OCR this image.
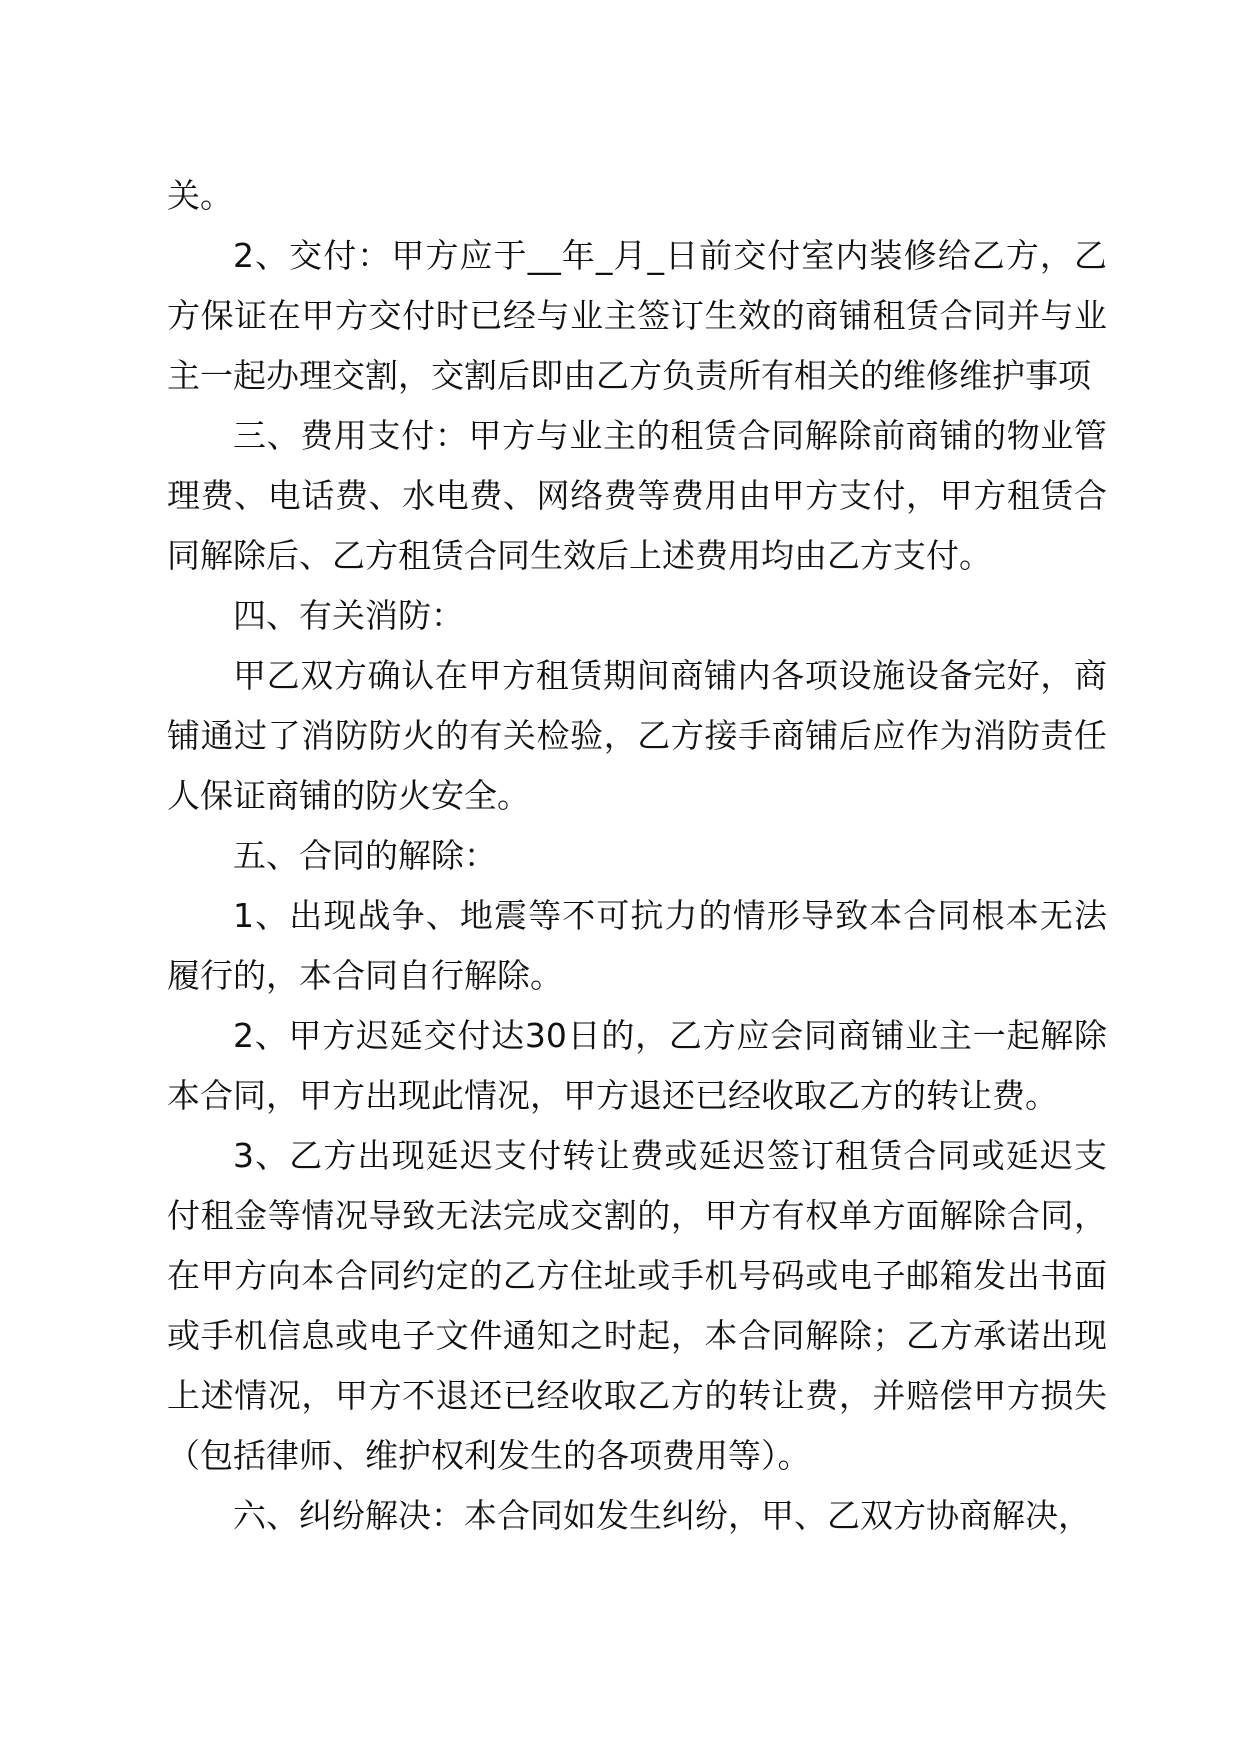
关。

2、交付：甲方应于__年_月_日前交付室内装修给乙方，乙方保证在甲方交付时已经与业主签订生效的商铺租赁合同并与业主一起办理交割，交割后即由乙方负责所有相关的维修维护事项

三、费用支付：甲方与业主的租赁合同解除前商铺的物业管理费、电话费、水电费、网络费等费用由甲方支付，甲方租赁合同解除后、乙方租赁合同生效后上述费用均由乙方支付。

四、有关消防：

甲乙双方确认在甲方租赁期间商铺内各项设施设备完好，商铺通过了消防防火的有关检验，乙方接手商铺后应作为消防责任人保证商铺的防火安全。

五、合同的解除：

1、出现战争、地震等不可抗力的情形导致本合同根本无法履行的，本合同自行解除。

2、甲方迟延交付达30日的，乙方应会同商铺业主一起解除本合同，甲方出现此情况，甲方退还已经收取乙方的转让费。

3、乙方出现延迟支付转让费或延迟签订租赁合同或延迟支付租金等情况导致无法完成交割的，甲方有权单方面解除合同，在甲方向本合同约定的乙方住址或手机号码或电子邮箱发出书面或手机信息或电子文件通知之时起，本合同解除；乙方承诺出现上述情况，甲方不退还已经收取乙方的转让费，并赔偿甲方损失（包括律师、维护权利发生的各项费用等）。

六、纠纷解决：本合同如发生纠纷，甲、乙双方协商解决，
